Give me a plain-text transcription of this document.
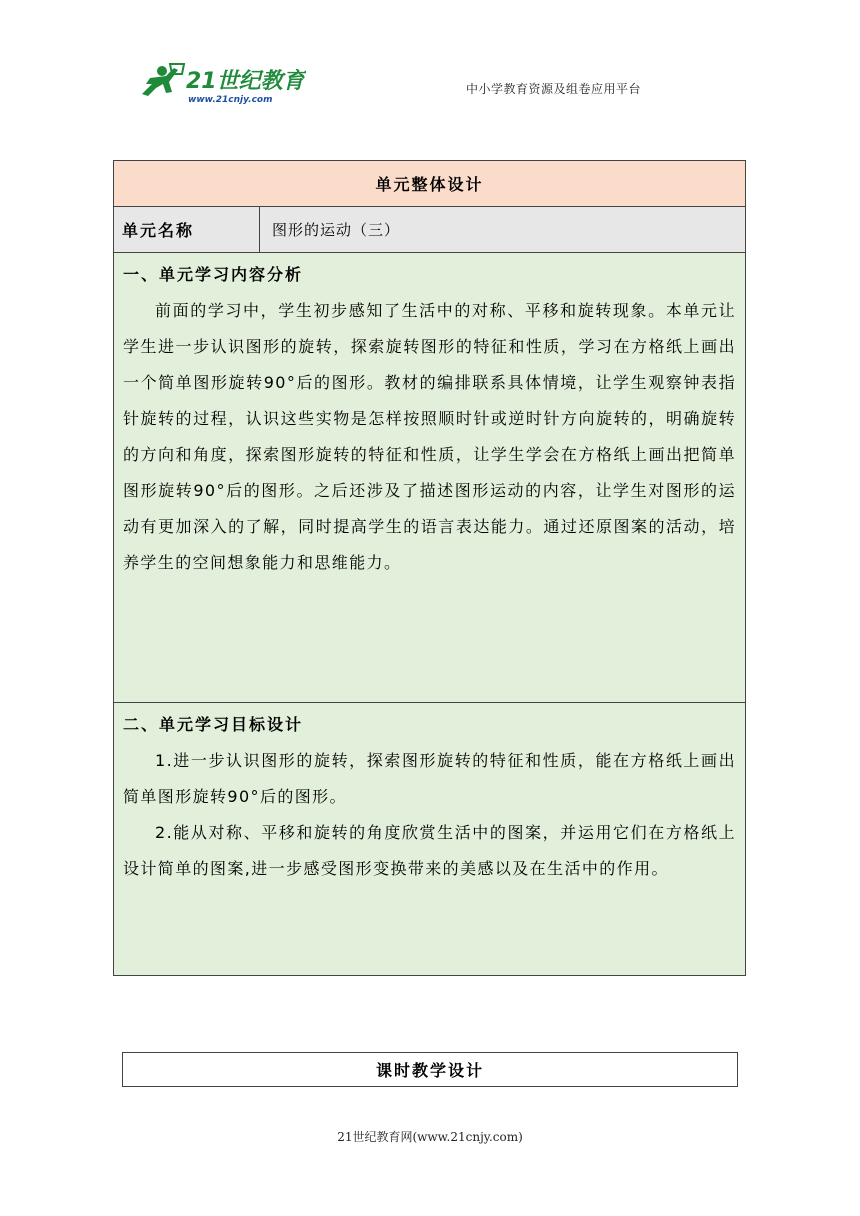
21世纪教育
www.21cnjy.com
中小学教育资源及组卷应用平台
单元整体设计
单元名称	图形的运动（三）
一、单元学习内容分析

前面的学习中，学生初步感知了生活中的对称、平移和旋转现象。本单元让学生进一步认识图形的旋转，探索旋转图形的特征和性质，学习在方格纸上画出一个简单图形旋转90°后的图形。教材的编排联系具体情境，让学生观察钟表指针旋转的过程，认识这些实物是怎样按照顺时针或逆时针方向旋转的，明确旋转的方向和角度，探索图形旋转的特征和性质，让学生学会在方格纸上画出把简单图形旋转90°后的图形。之后还涉及了描述图形运动的内容，让学生对图形的运动有更加深入的了解，同时提高学生的语言表达能力。通过还原图案的活动，培养学生的空间想象能力和思维能力。

二、单元学习目标设计

1.进一步认识图形的旋转，探索图形旋转的特征和性质，能在方格纸上画出简单图形旋转90°后的图形。

2.能从对称、平移和旋转的角度欣赏生活中的图案，并运用它们在方格纸上设计简单的图案,进一步感受图形变换带来的美感以及在生活中的作用。

课时教学设计
21世纪教育网(www.21cnjy.com)
